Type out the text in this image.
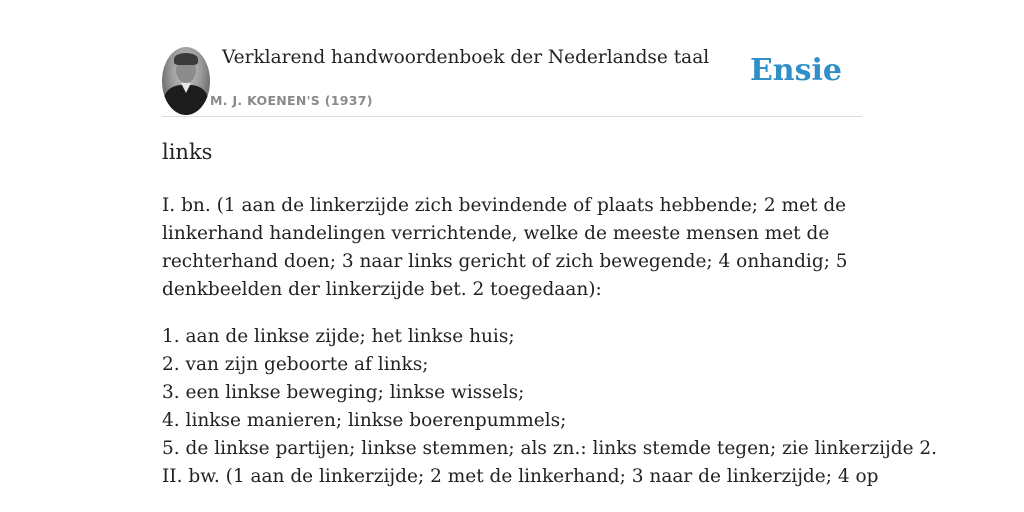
Verklarend handwoordenboek der Nederlandse taal
M. J. KOENEN'S (1937)
Ensie
links

I. bn. (1 aan de linkerzijde zich bevindende of plaats hebbende; 2 met de

linkerhand handelingen verrichtende, welke de meeste mensen met de

rechterhand doen; 3 naar links gericht of zich bewegende; 4 onhandig; 5

denkbeelden der linkerzijde bet. 2 toegedaan):

1. aan de linkse zijde; het linkse huis;
2. van zijn geboorte af links;
3. een linkse beweging; linkse wissels;
4. linkse manieren; linkse boerenpummels;
5. de linkse partijen; linkse stemmen; als zn.: links stemde tegen; zie linkerzijde 2.

II. bw. (1 aan de linkerzijde; 2 met de linkerhand; 3 naar de linkerzijde; 4 op
